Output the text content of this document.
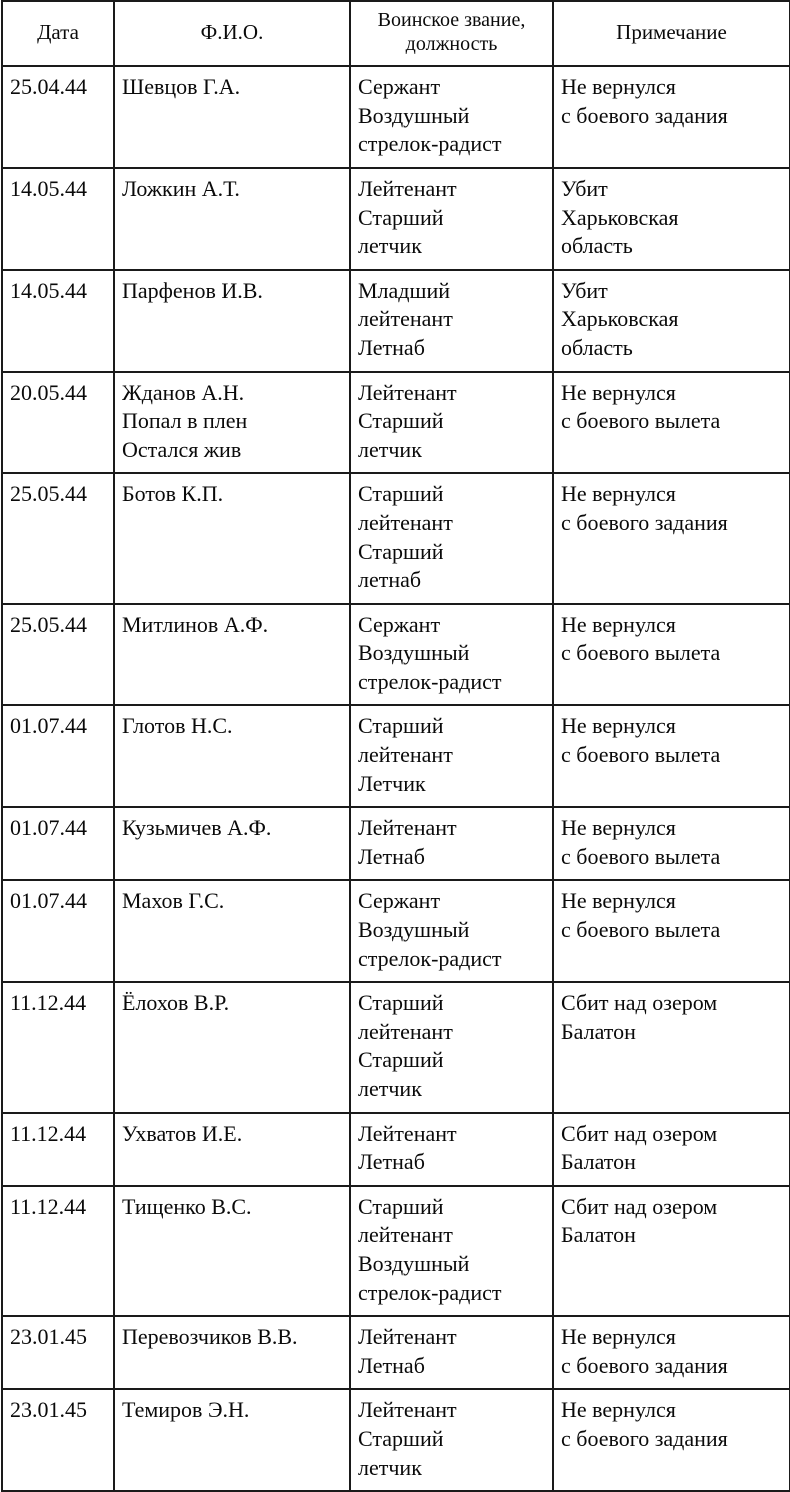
Дата	Ф.И.О.	Воинское звание,
должность	Примечание
25.04.44	Шевцов Г.А.	Сержант
Воздушный
стрелок-радист	Не вернулся
с боевого задания

14.05.44	Ложкин А.Т.	Лейтенант
Старший
летчик	Убит
Харьковская
область

14.05.44	Парфенов И.В.	Младший
лейтенант
Летнаб	Убит
Харьковская
область

20.05.44	Жданов А.Н.
Попал в плен
Остался жив	Лейтенант
Старший
летчик	Не вернулся
с боевого вылета

25.05.44	Ботов К.П.	Старший
лейтенант
Старший
летнаб	Не вернулся
с боевого задания

25.05.44	Митлинов А.Ф.	Сержант
Воздушный
стрелок-радист	Не вернулся
с боевого вылета

01.07.44	Глотов Н.С.	Старший
лейтенант
Летчик	Не вернулся
с боевого вылета

01.07.44	Кузьмичев А.Ф.	Лейтенант
Летнаб	Не вернулся
с боевого вылета

01.07.44	Махов Г.С.	Сержант
Воздушный
стрелок-радист	Не вернулся
с боевого вылета

11.12.44	Ёлохов В.Р.	Старший
лейтенант
Старший
летчик	Сбит над озером
Балатон

11.12.44	Ухватов И.Е.	Лейтенант
Летнаб	Сбит над озером
Балатон

11.12.44	Тищенко В.С.	Старший
лейтенант
Воздушный
стрелок-радист	Сбит над озером
Балатон

23.01.45	Перевозчиков В.В.	Лейтенант
Летнаб	Не вернулся
с боевого задания

23.01.45	Темиров Э.Н.	Лейтенант
Старший
летчик	Не вернулся
с боевого задания
